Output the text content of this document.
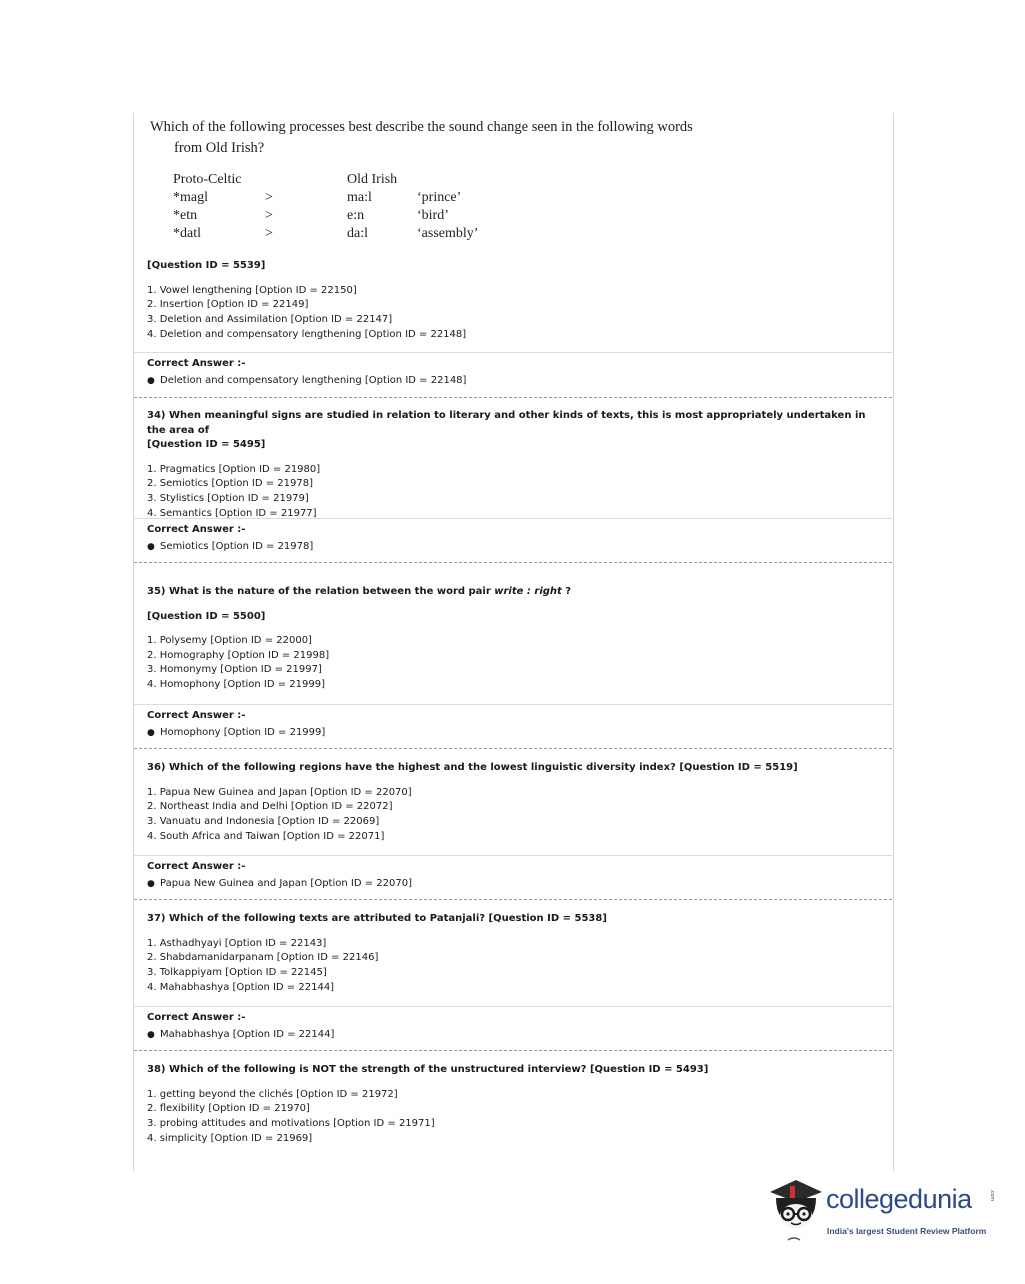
Which of the following processes best describe the sound change seen in the following words
from Old Irish?
Proto-Celtic		Old Irish	
*magl	>	ma:l	‘prince’
*etn	>	e:n	‘bird’
*datl	>	da:l	‘assembly’
[Question ID = 5539]
1. Vowel lengthening [Option ID = 22150]
2. Insertion [Option ID = 22149]
3. Deletion and Assimilation [Option ID = 22147]
4. Deletion and compensatory lengthening [Option ID = 22148]
Correct Answer :-
● Deletion and compensatory lengthening [Option ID = 22148]
34) When meaningful signs are studied in relation to literary and other kinds of texts, this is most appropriately undertaken in the area of
[Question ID = 5495]
1. Pragmatics [Option ID = 21980]
2. Semiotics [Option ID = 21978]
3. Stylistics [Option ID = 21979]
4. Semantics [Option ID = 21977]
Correct Answer :-
● Semiotics [Option ID = 21978]
35) What is the nature of the relation between the word pair write : right ?
[Question ID = 5500]
1. Polysemy [Option ID = 22000]
2. Homography [Option ID = 21998]
3. Homonymy [Option ID = 21997]
4. Homophony [Option ID = 21999]
Correct Answer :-
● Homophony [Option ID = 21999]
36) Which of the following regions have the highest and the lowest linguistic diversity index? [Question ID = 5519]
1. Papua New Guinea and Japan [Option ID = 22070]
2. Northeast India and Delhi [Option ID = 22072]
3. Vanuatu and Indonesia [Option ID = 22069]
4. South Africa and Taiwan [Option ID = 22071]
Correct Answer :-
● Papua New Guinea and Japan [Option ID = 22070]
37) Which of the following texts are attributed to Patanjali? [Question ID = 5538]
1. Asthadhyayi [Option ID = 22143]
2. Shabdamanidarpanam [Option ID = 22146]
3. Tolkappiyam [Option ID = 22145]
4. Mahabhashya [Option ID = 22144]
Correct Answer :-
● Mahabhashya [Option ID = 22144]
38) Which of the following is NOT the strength of the unstructured interview? [Question ID = 5493]
1. getting beyond the clichés [Option ID = 21972]
2. flexibility [Option ID = 21970]
3. probing attitudes and motivations [Option ID = 21971]
4. simplicity [Option ID = 21969]
collegedunia	.com
India's largest Student Review Platform
